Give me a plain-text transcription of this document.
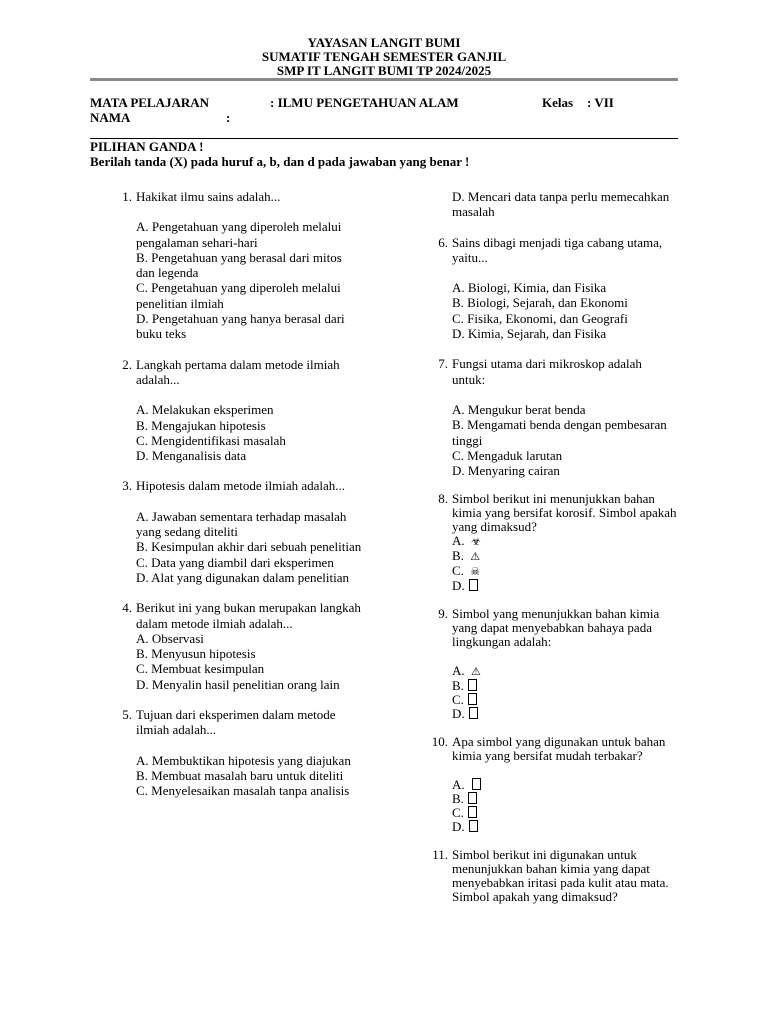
YAYASAN LANGIT BUMI
SUMATIF TENGAH SEMESTER GANJIL
SMP IT LANGIT BUMI TP 2024/2025
MATA PELAJARAN	: ILMU PENGETAHUAN ALAM	Kelas : VII
NAMA	:
PILIHAN GANDA !
Berilah tanda (X) pada huruf a, b, dan d pada jawaban yang benar !
1. Hakikat ilmu sains adalah...
A. Pengetahuan yang diperoleh melalui pengalaman sehari-hari
B. Pengetahuan yang berasal dari mitos dan legenda
C. Pengetahuan yang diperoleh melalui penelitian ilmiah
D. Pengetahuan yang hanya berasal dari buku teks
2. Langkah pertama dalam metode ilmiah adalah...
A. Melakukan eksperimen
B. Mengajukan hipotesis
C. Mengidentifikasi masalah
D. Menganalisis data
3. Hipotesis dalam metode ilmiah adalah...
A. Jawaban sementara terhadap masalah yang sedang diteliti
B. Kesimpulan akhir dari sebuah penelitian
C. Data yang diambil dari eksperimen
D. Alat yang digunakan dalam penelitian
4. Berikut ini yang bukan merupakan langkah dalam metode ilmiah adalah...
A. Observasi
B. Menyusun hipotesis
C. Membuat kesimpulan
D. Menyalin hasil penelitian orang lain
5. Tujuan dari eksperimen dalam metode ilmiah adalah...
A. Membuktikan hipotesis yang diajukan
B. Membuat masalah baru untuk diteliti
C. Menyelesaikan masalah tanpa analisis
D. Mencari data tanpa perlu memecahkan masalah
6. Sains dibagi menjadi tiga cabang utama, yaitu...
A. Biologi, Kimia, dan Fisika
B. Biologi, Sejarah, dan Ekonomi
C. Fisika, Ekonomi, dan Geografi
D. Kimia, Sejarah, dan Fisika
7. Fungsi utama dari mikroskop adalah untuk:
A. Mengukur berat benda
B. Mengamati benda dengan pembesaran tinggi
C. Mengaduk larutan
D. Menyaring cairan
8. Simbol berikut ini menunjukkan bahan kimia yang bersifat korosif. Simbol apakah yang dimaksud?
A. ☣
B. ⚠
C. ☠
D.
9. Simbol yang menunjukkan bahan kimia yang dapat menyebabkan bahaya pada lingkungan adalah:
A. ⚠
B.
C.
D.
10. Apa simbol yang digunakan untuk bahan kimia yang bersifat mudah terbakar?
A.
B.
C.
D.
11. Simbol berikut ini digunakan untuk menunjukkan bahan kimia yang dapat menyebabkan iritasi pada kulit atau mata. Simbol apakah yang dimaksud?
